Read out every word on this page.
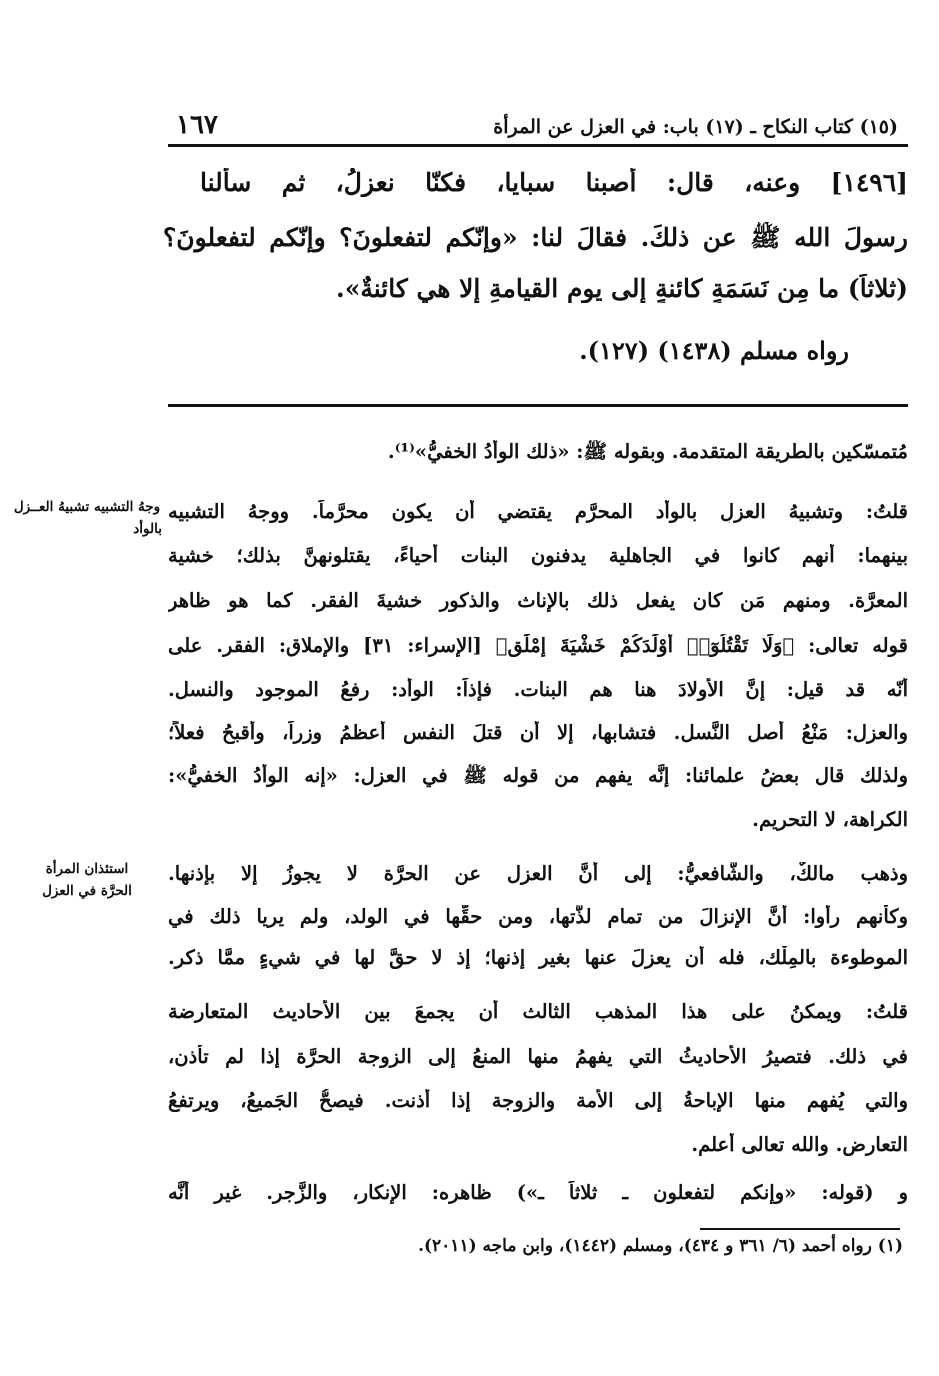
(١٥) كتاب النكاح ـ (١٧) باب: في العزل عن المرأة
١٦٧
[١٤٩٦] وعنه، قال: أصبنا سبايا، فكنّا نعزلُ، ثم سألنا
رسولَ الله ﷺ عن ذلكَ. فقالَ لنا: «وإنّكم لتفعلونَ؟ وإنّكم لتفعلونَ؟
(ثلاثاً) ما مِن نَسَمَةٍ كائنةٍ إلى يومِ القيامةِ إلا هي كائنةٌ».
رواه مسلم (١٤٣٨) (١٢٧).
مُتمسّكين بالطريقة المتقدمة. وبقوله ﷺ: «ذلك الوأدُ الخفيُّ»⁽¹⁾.
قلتُ: وتشبيهُ العزلِ بالوأد المحرَّم يقتضي أن يكون محرَّماً. ووجهُ التشبيه
بينهما: أنهم كانوا في الجاهلية يدفنون البنات أحياءً، يقتلونهنَّ بذلك؛ خشية
المعرَّة. ومنهم مَن كان يفعل ذلك بالإناث والذكور خشيةَ الفقر. كما هو ظاهر
قوله تعالى: ﴿وَلَا تَقْتُلُوٓا۟ أَوْلَٰدَكُمْ خَشْيَةَ إِمْلَٰقٍ﴾ [الإسراء: ٣١] والإملاق: الفقر. على
أنّه قد قيل: إنَّ الأولادَ هنا هم البنات. فإذاً: الوأد: رفعُ الموجود والنسل.
والعزل: مَنْعُ أصل النَّسل. فتشابها، إلا أن قتلَ النفس أعظمُ وزراً، وأقبحُ فعلاً؛
ولذلك قال بعضُ علمائنا: إنَّه يفهم من قوله ﷺ في العزل: «إنه الوأدُ الخفيُّ»:
الكراهة، لا التحريم.
وذهب مالكٌ، والشَّافعيُّ: إلى أنَّ العزل عن الحرَّة لا يجوزُ إلا بإذنها.
وكأنهم رأوا: أنَّ الإنزالَ من تمام لذَّتها، ومن حقِّها في الولد، ولم يريا ذلك في
الموطوءة بالمِلْك، فله أن يعزلَ عنها بغير إذنها؛ إذ لا حقَّ لها في شيءٍ ممَّا ذكر.
قلتُ: ويمكنُ على هذا المذهب الثالث أن يجمعَ بين الأحاديث المتعارضة
في ذلك. فتصيرُ الأحاديثُ التي يفهمُ منها المنعُ إلى الزوجة الحرَّة إذا لم تأذن،
والتي يُفهم منها الإباحةُ إلى الأمة والزوجة إذا أذنت. فيصحُّ الجَميعُ، ويرتفعُ
التعارض. والله تعالى أعلم.
و (قوله: «وإنكم لتفعلون ـ ثلاثاً ـ») ظاهره: الإنكار، والزَّجر. غير أنَّه
وجهُ التشبيه تشبيهُ العــزل
بالوأد
استئذان المرأة
الحرَّة في العزل
(١) رواه أحمد (٦/ ٣٦١ و ٤٣٤)، ومسلم (١٤٤٢)، وابن ماجه (٢٠١١).
